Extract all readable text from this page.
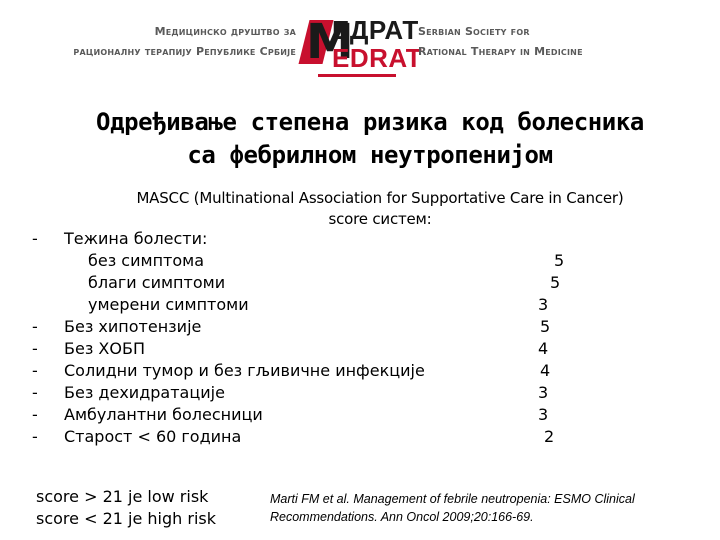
Медицинско друштво за
рационалну терапију Републике Србије M
ЕДРАТ
EDRAT
Serbian Society for
Rational Therapy in Medicine
Одређивање степена ризика код болесника
са фебрилном неутропенијом
MASCC (Multinational Association for Supportative Care in Cancer)
score систем:
- Тежина болести:
без симптома	5
благи симптоми	5
умерени симптоми	3
- Без хипотензије	5
- Без ХОБП	4
- Солидни тумор и без гљивичне инфекције	4
- Без дехидратације	3
- Амбулантни болесници	3
- Старост < 60 година	2
score > 21 je low risk
score < 21 je high risk
Marti FM et al. Management of febrile neutropenia: ESMO Clinical Recommendations. Ann Oncol 2009;20:166-69.
